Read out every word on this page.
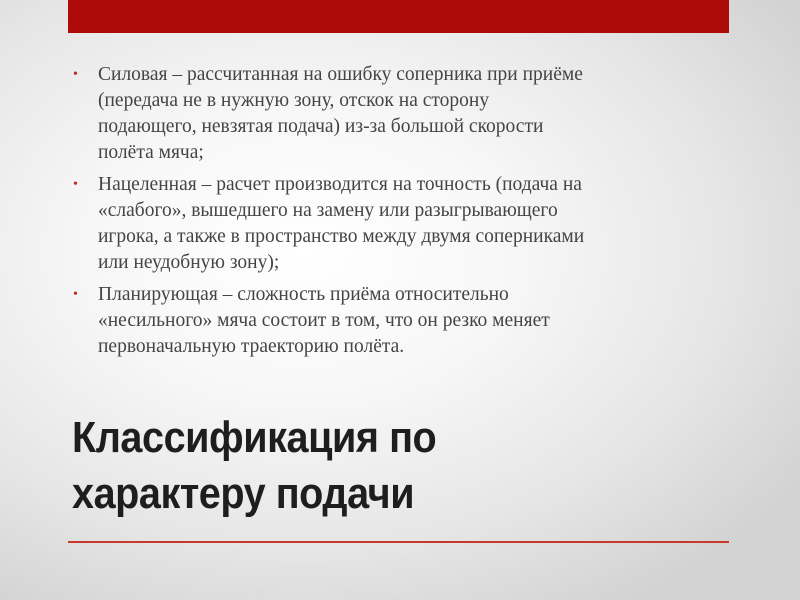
• Силовая – рассчитанная на ошибку соперника при приёме
(передача не в нужную зону, отскок на сторону
подающего, невзятая подача) из-за большой скорости
полёта мяча;
• Нацеленная – расчет производится на точность (подача на
«слабого», вышедшего на замену или разыгрывающего
игрока, а также в пространство между двумя соперниками
или неудобную зону);
• Планирующая – сложность приёма относительно
«несильного» мяча состоит в том, что он резко меняет
первоначальную траекторию полёта.
Классификация по
характеру подачи
